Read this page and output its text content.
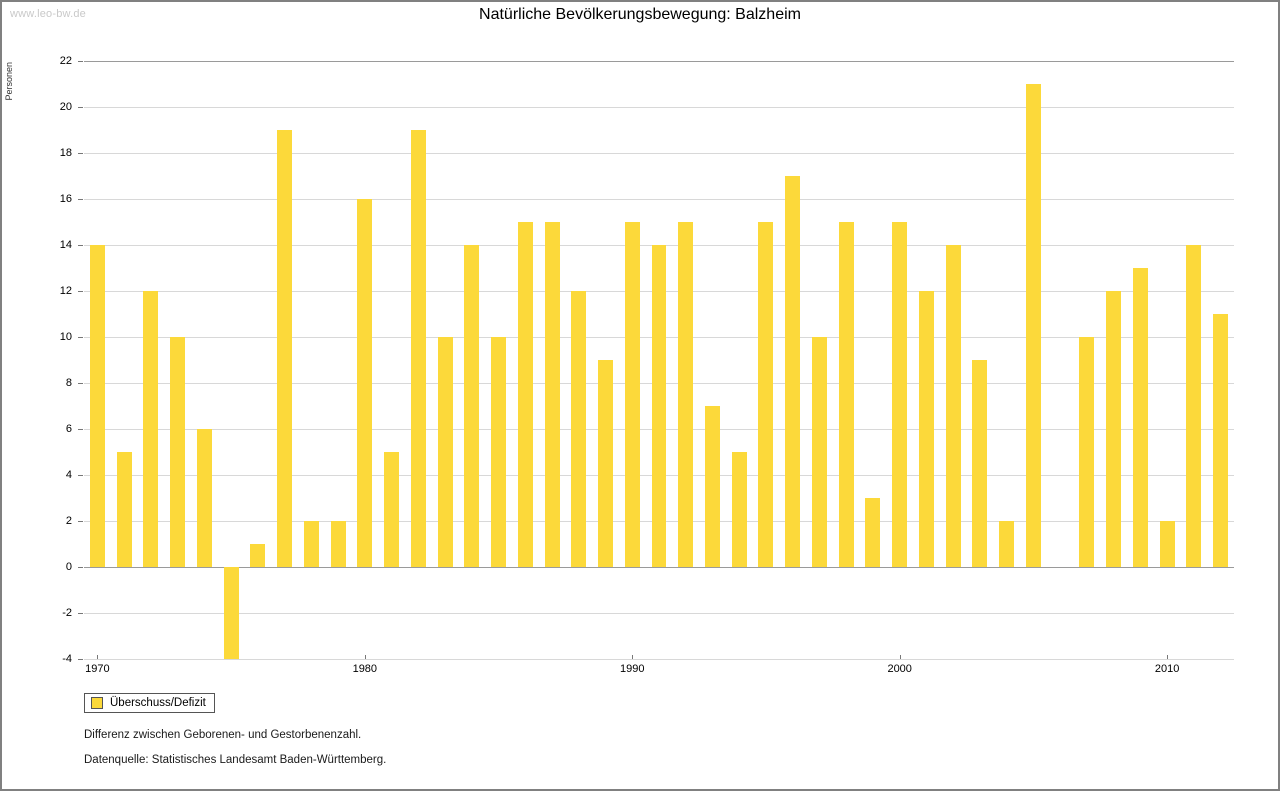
www.leo-bw.de	Natürliche Bevölkerungsbewegung: Balzheim
Personen
22
20
18
16
14
12
10
8
6
4
2
0
-2
-4
1970	1980	1990	2000	2010
Überschuss/Defizit
Differenz zwischen Geborenen- und Gestorbenenzahl.
Datenquelle: Statistisches Landesamt Baden-Württemberg.
